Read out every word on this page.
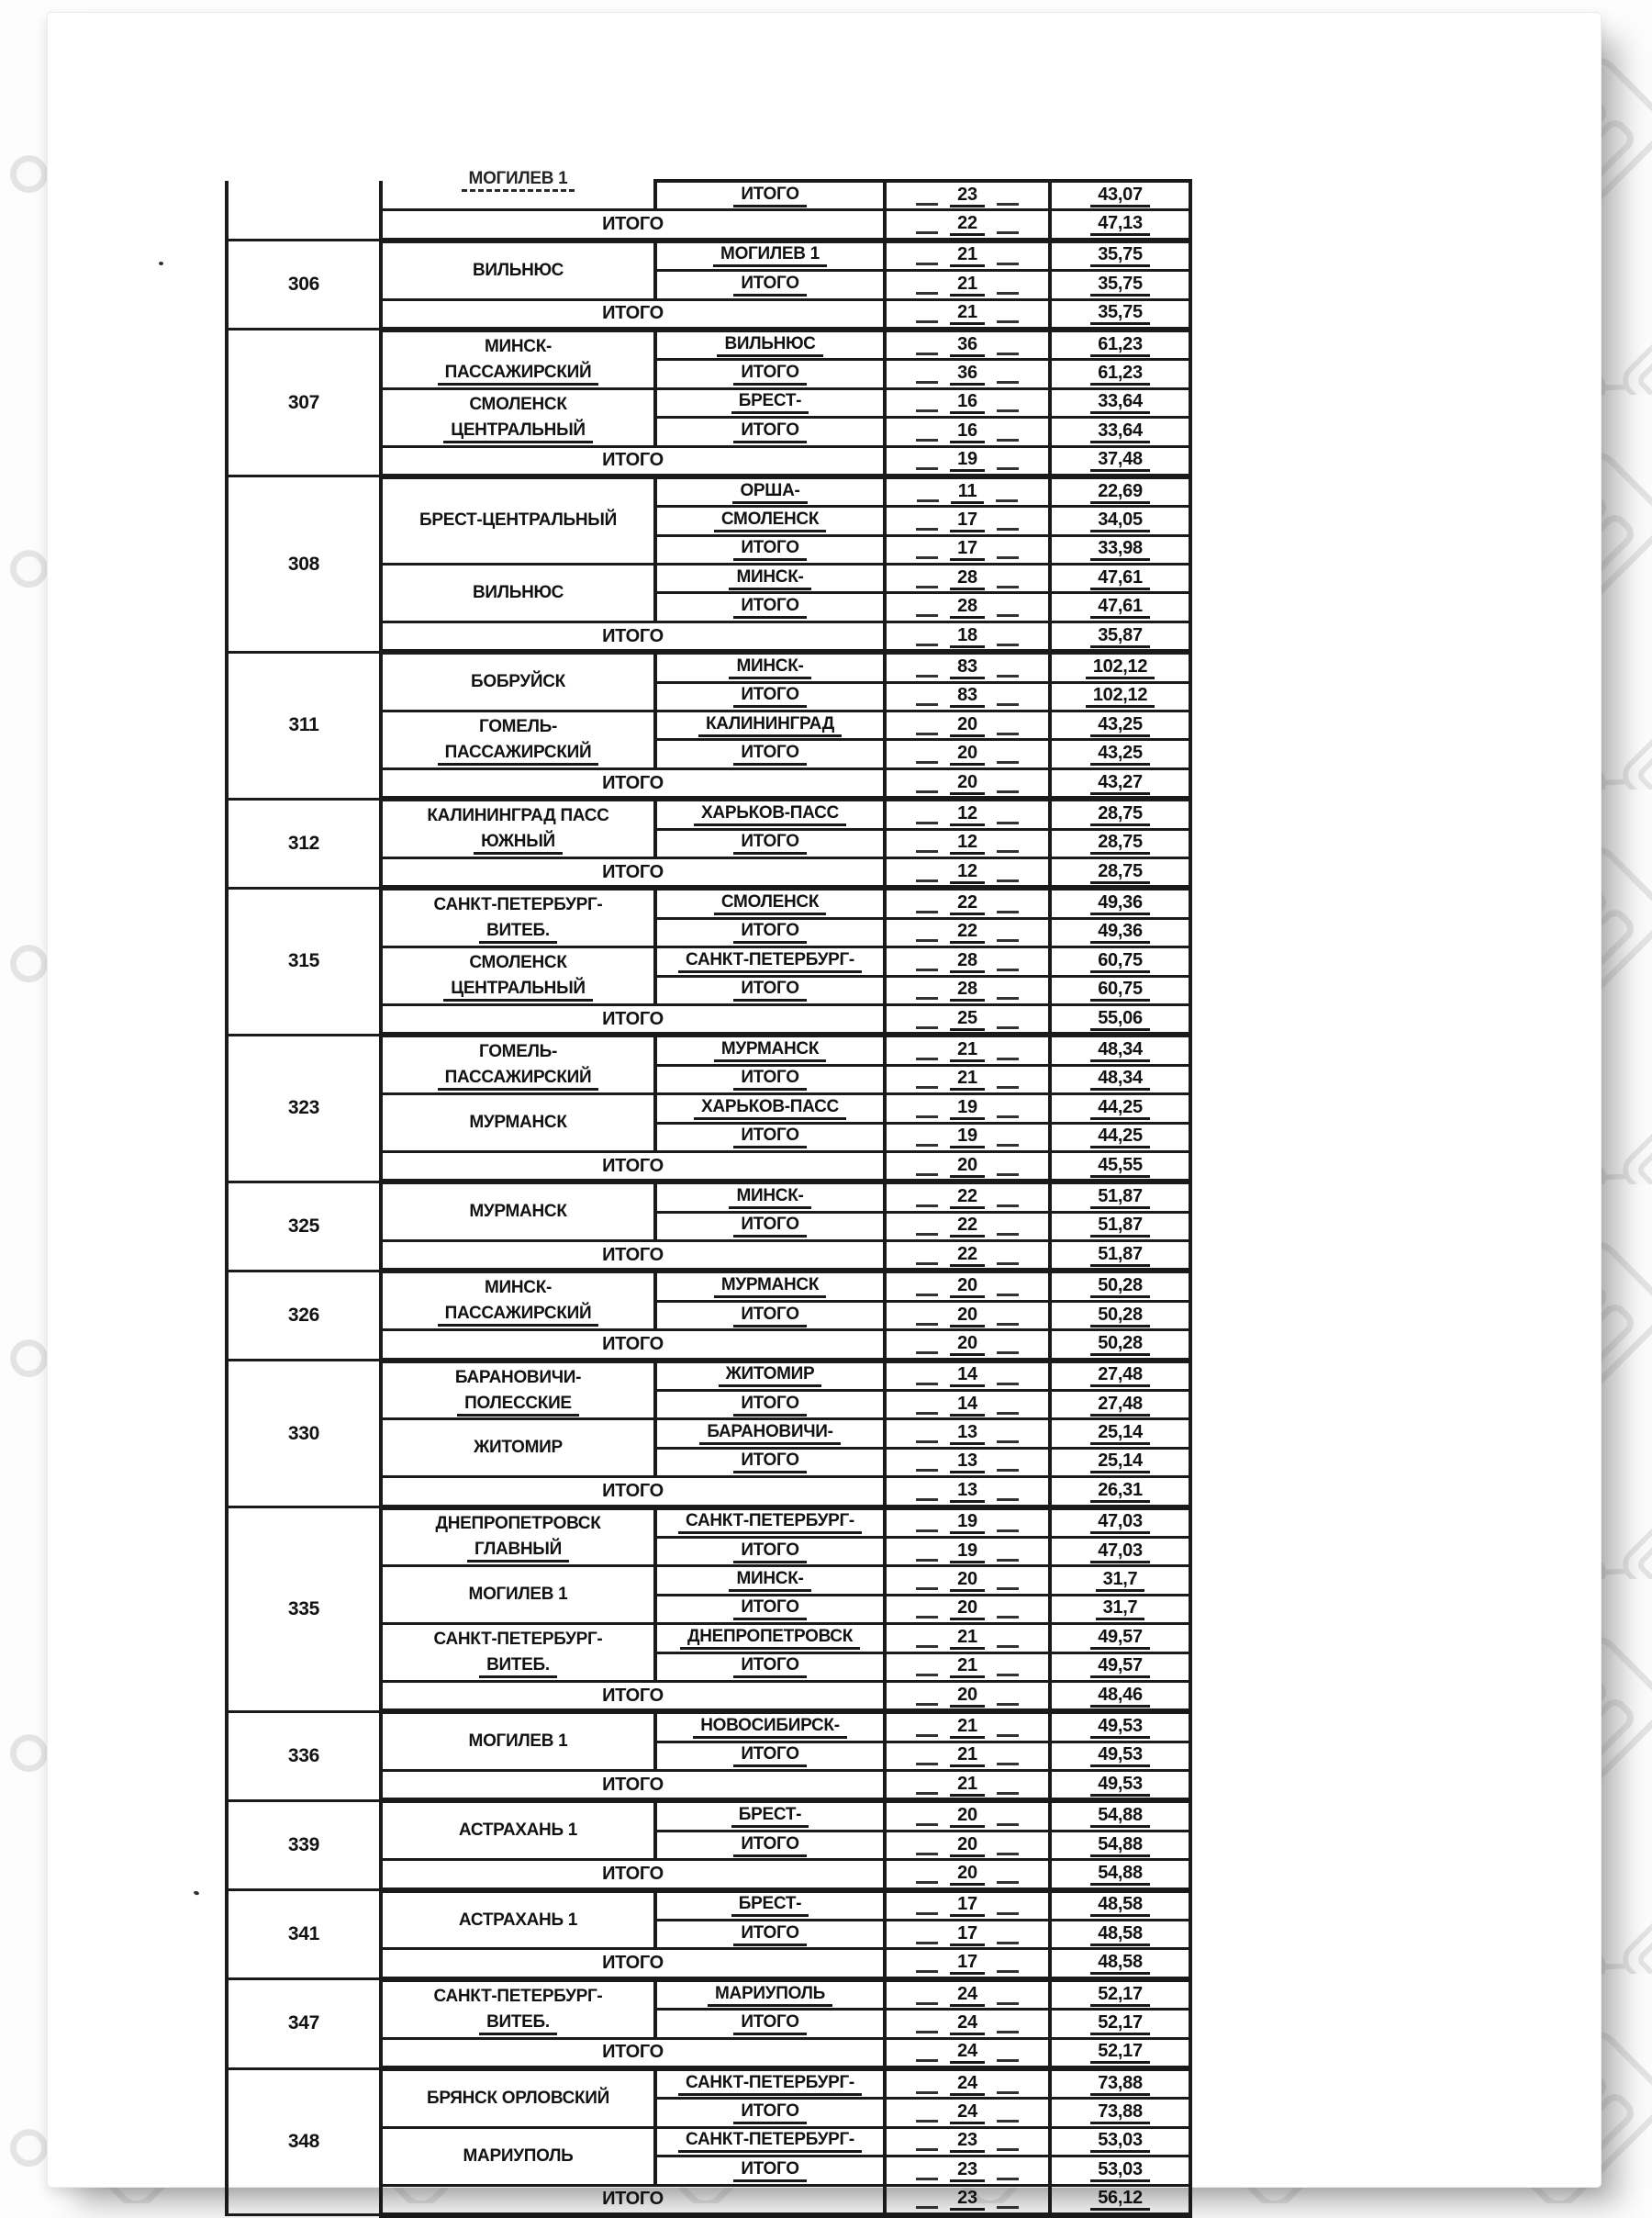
	МОГИЛЕВ 1	ИТОГО	23	43,07
	ИТОГО		22	47,13
306	ВИЛЬНЮС	МОГИЛЕВ 1	21	35,75
		ИТОГО	21	35,75
	ИТОГО		21	35,75
307	МИНСК-
ПАССАЖИРСКИЙ	ВИЛЬНЮС	36	61,23
		ИТОГО	36	61,23

	СМОЛЕНСК
ЦЕНТРАЛЬНЫЙ	БРЕСТ-	16	33,64
		ИТОГО	16	33,64
	ИТОГО		19	37,48
308	БРЕСТ-ЦЕНТРАЛЬНЫЙ	ОРША-	11	22,69
		СМОЛЕНСК	17	34,05
		ИТОГО	17	33,98

	ВИЛЬНЮС	МИНСК-	28	47,61
		ИТОГО	28	47,61
	ИТОГО		18	35,87
311	БОБРУЙСК	МИНСК-	83	102,12
		ИТОГО	83	102,12

	ГОМЕЛЬ-
ПАССАЖИРСКИЙ	КАЛИНИНГРАД	20	43,25
		ИТОГО	20	43,25
	ИТОГО		20	43,27
312	КАЛИНИНГРАД ПАСС
ЮЖНЫЙ	ХАРЬКОВ-ПАСС	12	28,75
		ИТОГО	12	28,75
	ИТОГО		12	28,75
315	САНКТ-ПЕТЕРБУРГ-
ВИТЕБ.	СМОЛЕНСК	22	49,36
		ИТОГО	22	49,36

	СМОЛЕНСК
ЦЕНТРАЛЬНЫЙ	САНКТ-ПЕТЕРБУРГ-	28	60,75
		ИТОГО	28	60,75
	ИТОГО		25	55,06
323	ГОМЕЛЬ-
ПАССАЖИРСКИЙ	МУРМАНСК	21	48,34
		ИТОГО	21	48,34

	МУРМАНСК	ХАРЬКОВ-ПАСС	19	44,25
		ИТОГО	19	44,25
	ИТОГО		20	45,55
325	МУРМАНСК	МИНСК-	22	51,87
		ИТОГО	22	51,87
	ИТОГО		22	51,87
326	МИНСК-
ПАССАЖИРСКИЙ	МУРМАНСК	20	50,28
		ИТОГО	20	50,28
	ИТОГО		20	50,28
330	БАРАНОВИЧИ-
ПОЛЕССКИЕ	ЖИТОМИР	14	27,48
		ИТОГО	14	27,48

	ЖИТОМИР	БАРАНОВИЧИ-	13	25,14
		ИТОГО	13	25,14
	ИТОГО		13	26,31
335	ДНЕПРОПЕТРОВСК
ГЛАВНЫЙ	САНКТ-ПЕТЕРБУРГ-	19	47,03
		ИТОГО	19	47,03

	МОГИЛЕВ 1	МИНСК-	20	31,7
		ИТОГО	20	31,7

	САНКТ-ПЕТЕРБУРГ-
ВИТЕБ.	ДНЕПРОПЕТРОВСК	21	49,57
		ИТОГО	21	49,57
	ИТОГО		20	48,46
336	МОГИЛЕВ 1	НОВОСИБИРСК-	21	49,53
		ИТОГО	21	49,53
	ИТОГО		21	49,53
339	АСТРАХАНЬ 1	БРЕСТ-	20	54,88
		ИТОГО	20	54,88
	ИТОГО		20	54,88
341	АСТРАХАНЬ 1	БРЕСТ-	17	48,58
		ИТОГО	17	48,58
	ИТОГО		17	48,58
347	САНКТ-ПЕТЕРБУРГ-
ВИТЕБ.	МАРИУПОЛЬ	24	52,17
		ИТОГО	24	52,17
	ИТОГО		24	52,17
348	БРЯНСК ОРЛОВСКИЙ	САНКТ-ПЕТЕРБУРГ-	24	73,88
		ИТОГО	24	73,88

	МАРИУПОЛЬ	САНКТ-ПЕТЕРБУРГ-	23	53,03
		ИТОГО	23	53,03
	ИТОГО		23	56,12
